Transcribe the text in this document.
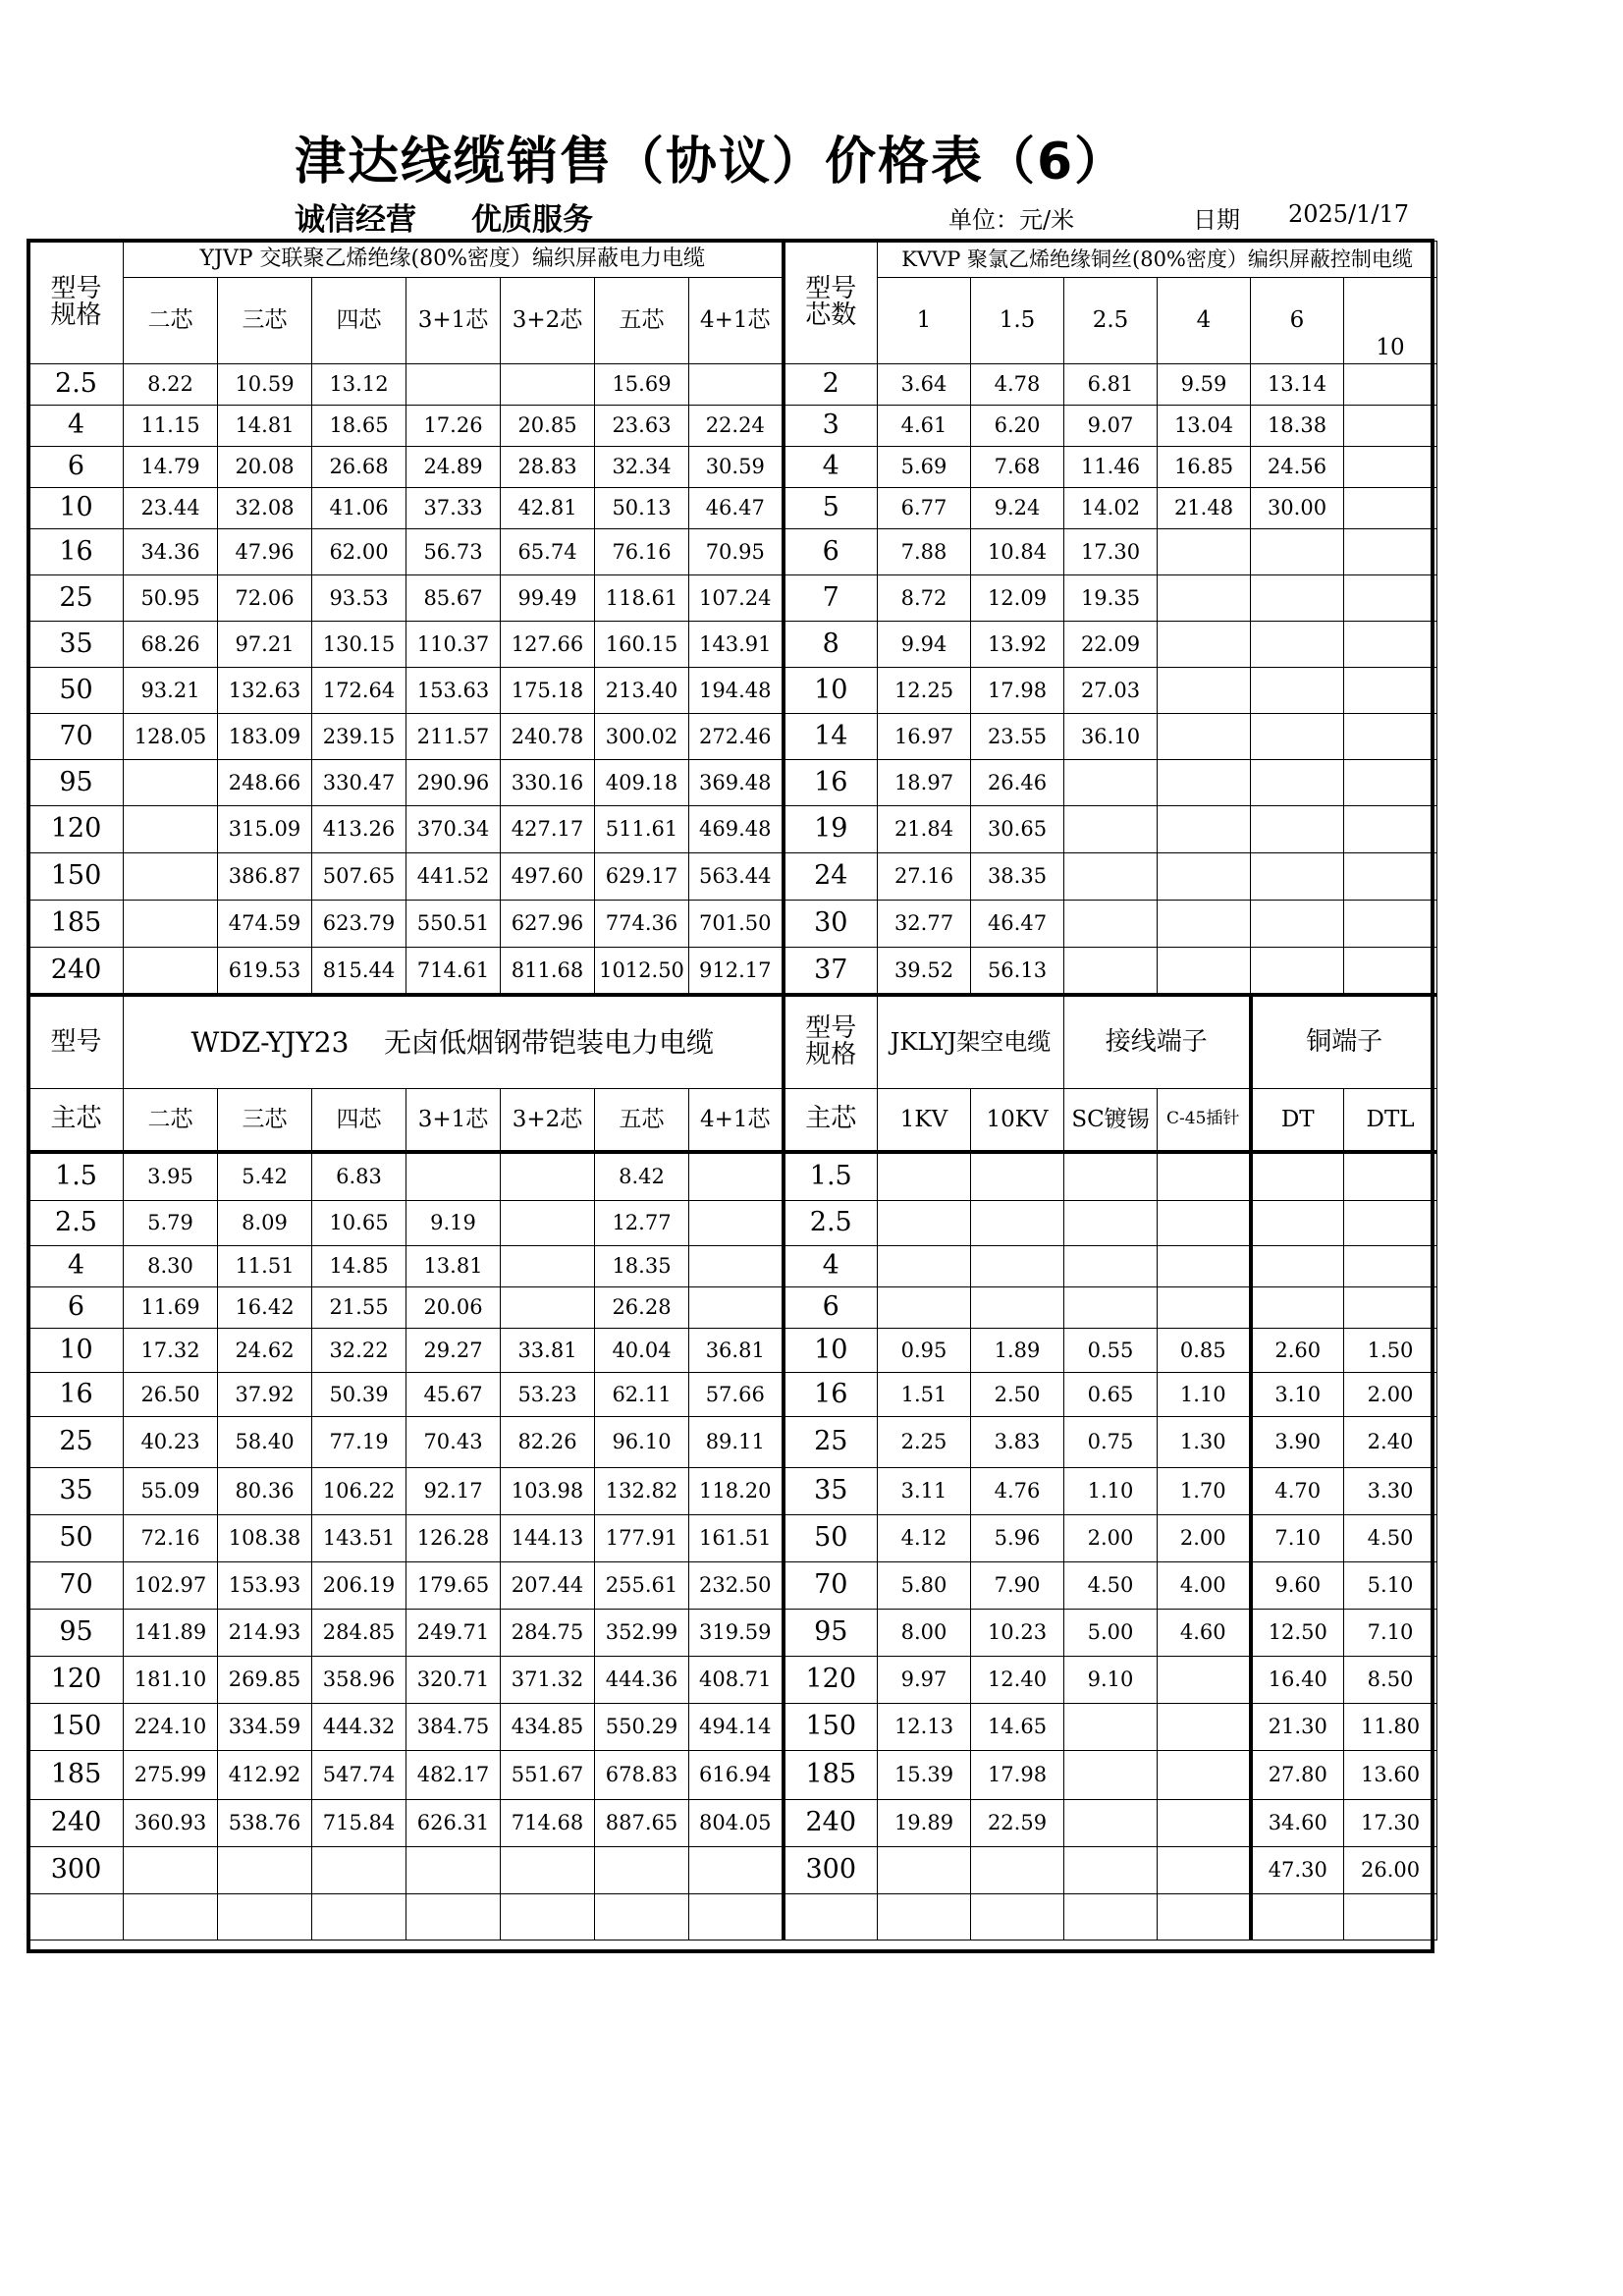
津达线缆销售（协议）价格表（6）
诚信经营 优质服务	单位：元/米	日期 2025/1/17
型号
规格	YJVP 交联聚乙烯绝缘(80%密度）编织屏蔽电力电缆							型号
芯数	KVVP 聚氯乙烯绝缘铜丝(80%密度）编织屏蔽控制电缆					
	二芯	三芯	四芯	3+1芯	3+2芯	五芯	4+1芯		1	1.5	2.5	4	6	10
2.5	8.22	10.59	13.12			15.69		2	3.64	4.78	6.81	9.59	13.14	
4	11.15	14.81	18.65	17.26	20.85	23.63	22.24	3	4.61	6.20	9.07	13.04	18.38	
6	14.79	20.08	26.68	24.89	28.83	32.34	30.59	4	5.69	7.68	11.46	16.85	24.56	
10	23.44	32.08	41.06	37.33	42.81	50.13	46.47	5	6.77	9.24	14.02	21.48	30.00	
16	34.36	47.96	62.00	56.73	65.74	76.16	70.95	6	7.88	10.84	17.30			
25	50.95	72.06	93.53	85.67	99.49	118.61	107.24	7	8.72	12.09	19.35			
35	68.26	97.21	130.15	110.37	127.66	160.15	143.91	8	9.94	13.92	22.09			
50	93.21	132.63	172.64	153.63	175.18	213.40	194.48	10	12.25	17.98	27.03			
70	128.05	183.09	239.15	211.57	240.78	300.02	272.46	14	16.97	23.55	36.10			
95		248.66	330.47	290.96	330.16	409.18	369.48	16	18.97	26.46				
120		315.09	413.26	370.34	427.17	511.61	469.48	19	21.84	30.65				
150		386.87	507.65	441.52	497.60	629.17	563.44	24	27.16	38.35				
185		474.59	623.79	550.51	627.96	774.36	701.50	30	32.77	46.47				
240		619.53	815.44	714.61	811.68	1012.50	912.17	37	39.52	56.13				
型号	WDZ-YJY23    无卤低烟钢带铠装电力电缆							型号
规格	JKLYJ架空电缆		接线端子		铜端子	
主芯	二芯	三芯	四芯	3+1芯	3+2芯	五芯	4+1芯	主芯	1KV	10KV	SC镀锡	C-45插针	DT	DTL
1.5	3.95	5.42	6.83			8.42		1.5						
2.5	5.79	8.09	10.65	9.19		12.77		2.5						
4	8.30	11.51	14.85	13.81		18.35		4						
6	11.69	16.42	21.55	20.06		26.28		6						
10	17.32	24.62	32.22	29.27	33.81	40.04	36.81	10	0.95	1.89	0.55	0.85	2.60	1.50
16	26.50	37.92	50.39	45.67	53.23	62.11	57.66	16	1.51	2.50	0.65	1.10	3.10	2.00
25	40.23	58.40	77.19	70.43	82.26	96.10	89.11	25	2.25	3.83	0.75	1.30	3.90	2.40
35	55.09	80.36	106.22	92.17	103.98	132.82	118.20	35	3.11	4.76	1.10	1.70	4.70	3.30
50	72.16	108.38	143.51	126.28	144.13	177.91	161.51	50	4.12	5.96	2.00	2.00	7.10	4.50
70	102.97	153.93	206.19	179.65	207.44	255.61	232.50	70	5.80	7.90	4.50	4.00	9.60	5.10
95	141.89	214.93	284.85	249.71	284.75	352.99	319.59	95	8.00	10.23	5.00	4.60	12.50	7.10
120	181.10	269.85	358.96	320.71	371.32	444.36	408.71	120	9.97	12.40	9.10		16.40	8.50
150	224.10	334.59	444.32	384.75	434.85	550.29	494.14	150	12.13	14.65			21.30	11.80
185	275.99	412.92	547.74	482.17	551.67	678.83	616.94	185	15.39	17.98			27.80	13.60
240	360.93	538.76	715.84	626.31	714.68	887.65	804.05	240	19.89	22.59			34.60	17.30
300								300					47.30	26.00
